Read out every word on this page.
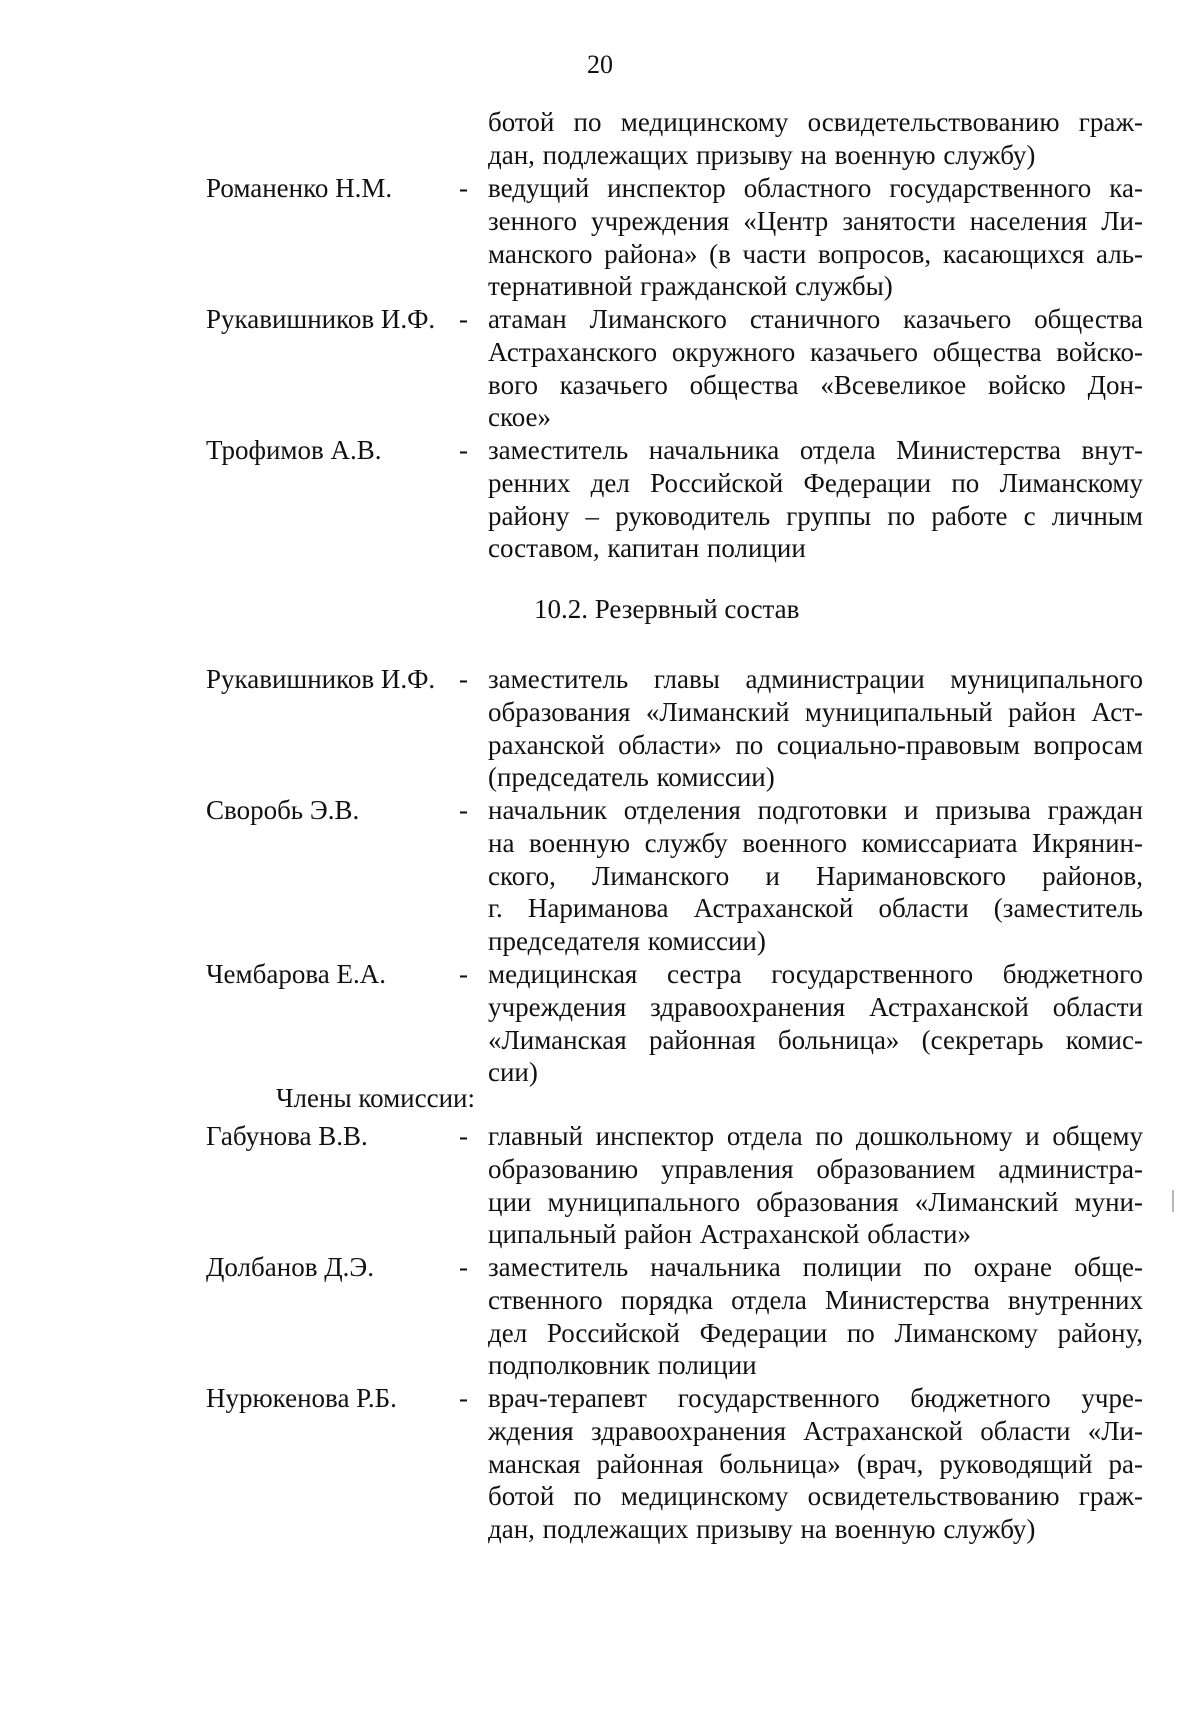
20
ботой по медицинскому освидетельствованию граж-
дан, подлежащих призыву на военную службу)
Романенко Н.М. - ведущий инспектор областного государственного ка-
зенного учреждения «Центр занятости населения Ли-
манского района» (в части вопросов, касающихся аль-
тернативной гражданской службы)
Рукавишников И.Ф. - атаман Лиманского станичного казачьего общества
Астраханского окружного казачьего общества войско-
вого казачьего общества «Всевеликое войско Дон-
ское»
Трофимов А.В.	- заместитель начальника отдела Министерства внут-
ренних дел Российской Федерации по Лиманскому
району – руководитель группы по работе с личным
составом, капитан полиции
10.2. Резервный состав
Рукавишников И.Ф. - заместитель главы администрации муниципального
образования «Лиманский муниципальный район Аст-
раханской области» по социально-правовым вопросам
(председатель комиссии)
Своробь Э.В.	- начальник отделения подготовки и призыва граждан
на военную службу военного комиссариата Икрянин-
ского, Лиманского и Наримановского районов,
г. Нариманова Астраханской области (заместитель
председателя комиссии)
Чембарова Е.А.	- медицинская сестра государственного бюджетного
учреждения здравоохранения Астраханской области
«Лиманская районная больница» (секретарь комис-
сии)
Члены комиссии:
Габунова В.В.	- главный инспектор отдела по дошкольному и общему
образованию управления образованием администра-
ции муниципального образования «Лиманский муни-
ципальный район Астраханской области»
Долбанов Д.Э.	- заместитель начальника полиции по охране обще-
ственного порядка отдела Министерства внутренних
дел Российской Федерации по Лиманскому району,
подполковник полиции
Нурюкенова Р.Б. - врач-терапевт государственного бюджетного учре-
ждения здравоохранения Астраханской области «Ли-
манская районная больница» (врач, руководящий ра-
ботой по медицинскому освидетельствованию граж-
дан, подлежащих призыву на военную службу)
